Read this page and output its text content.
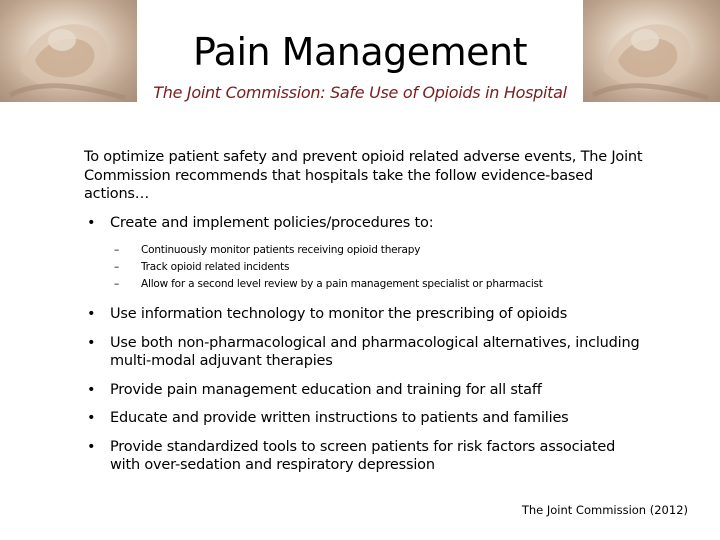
Pain Management
The Joint Commission: Safe Use of Opioids in Hospital

To optimize patient safety and prevent opioid related adverse events, The Joint Commission recommends that hospitals take the follow evidence-based actions…

• Create and implement policies/procedures to:
– Continuously monitor patients receiving opioid therapy
– Track opioid related incidents
– Allow for a second level review by a pain management specialist or pharmacist
• Use information technology to monitor the prescribing of opioids
• Use both non-pharmacological and pharmacological alternatives, including multi-modal adjuvant therapies
• Provide pain management education and training for all staff
• Educate and provide written instructions to patients and families
• Provide standardized tools to screen patients for risk factors associated with over-sedation and respiratory depression
The Joint Commission (2012)
